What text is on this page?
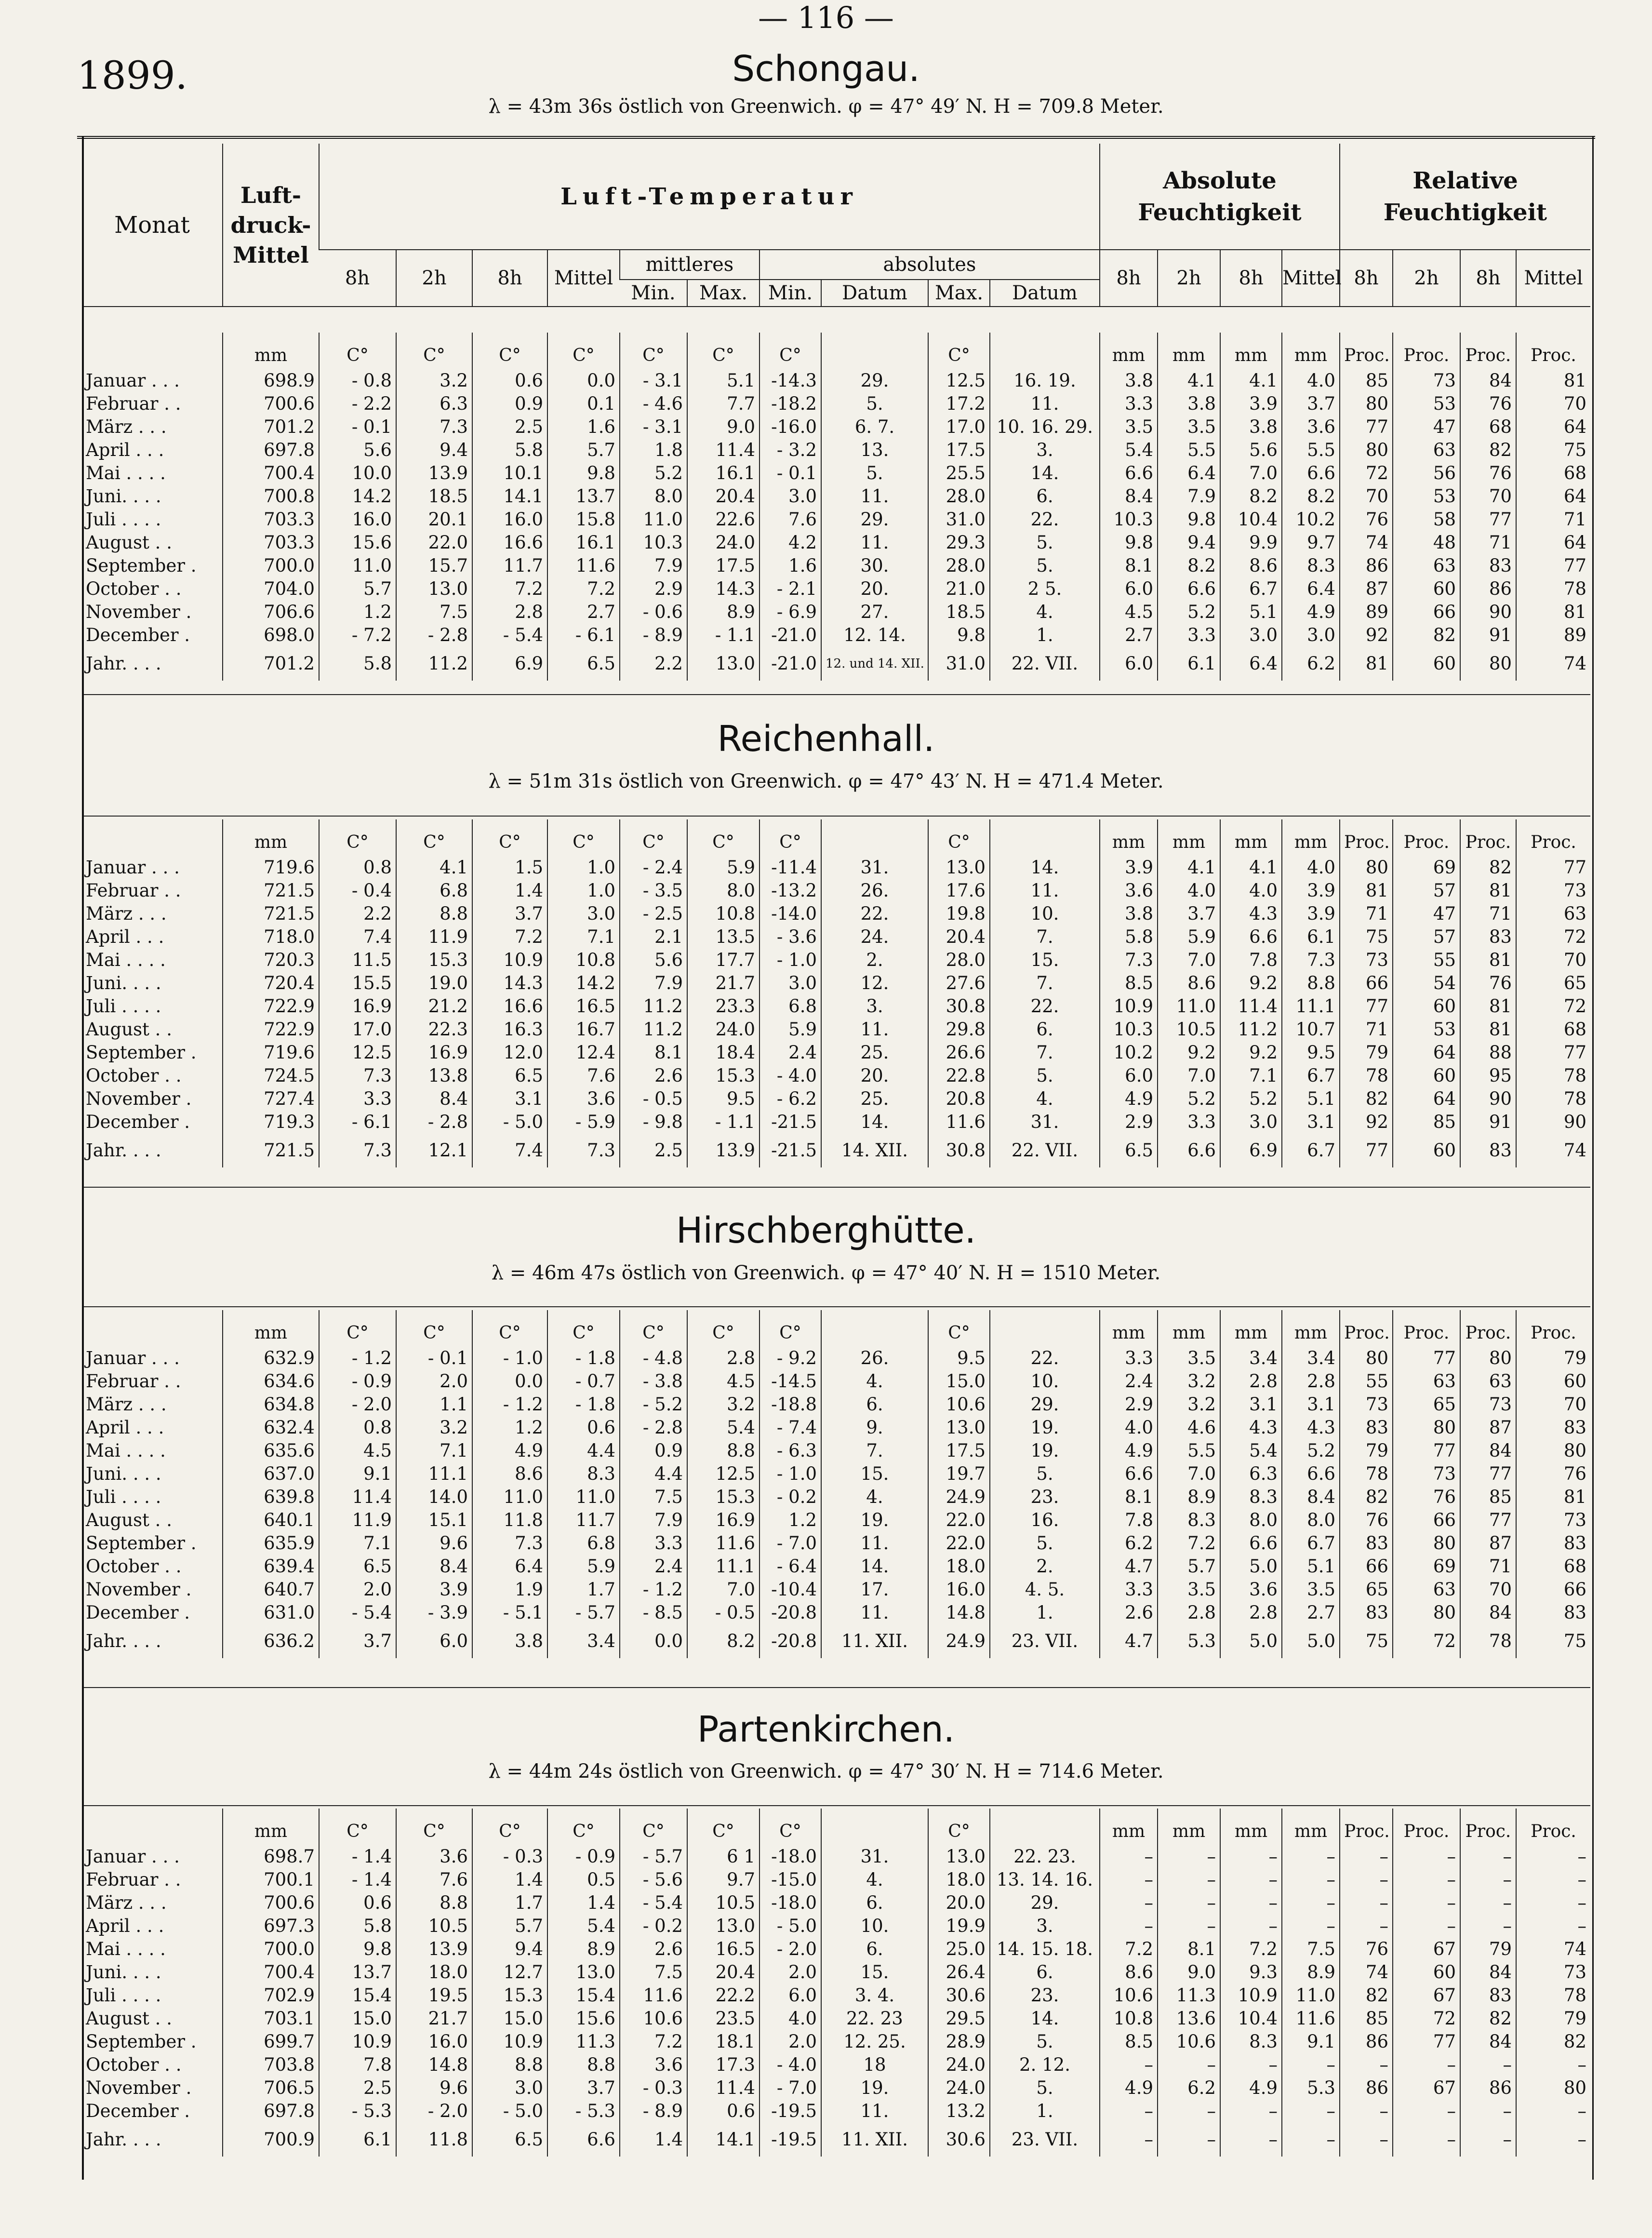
— 116 —
1899.	Schongau.
λ = 43m 36s östlich von Greenwich. φ = 47° 49′ N. H = 709.8 Meter.
Monat	Luft-
druck-
Mittel	Luft-Temperatur										Absolute
Feuchtigkeit				Relative
Feuchtigkeit			
		8h	2h	8h	Mittel	mittleres		absolutes				8h	2h	8h	Mittel	8h	2h	8h	Mittel
						Min.	Max.	Min.	Datum	Max.	Datum								
	mm	C°	C°	C°	C°	C°	C°	C°		C°		mm	mm	mm	mm	Proc.	Proc.	Proc.	Proc.
Januar . . .	698.9	- 0.8	3.2	0.6	0.0	- 3.1	5.1	-14.3	29.	12.5	16. 19.	3.8	4.1	4.1	4.0	85	73	84	81
Februar . .	700.6	- 2.2	6.3	0.9	0.1	- 4.6	7.7	-18.2	5.	17.2	11.	3.3	3.8	3.9	3.7	80	53	76	70
März . . .	701.2	- 0.1	7.3	2.5	1.6	- 3.1	9.0	-16.0	6. 7.	17.0	10. 16. 29.	3.5	3.5	3.8	3.6	77	47	68	64
April . . .	697.8	5.6	9.4	5.8	5.7	1.8	11.4	- 3.2	13.	17.5	3.	5.4	5.5	5.6	5.5	80	63	82	75
Mai . . . .	700.4	10.0	13.9	10.1	9.8	5.2	16.1	- 0.1	5.	25.5	14.	6.6	6.4	7.0	6.6	72	56	76	68
Juni. . . .	700.8	14.2	18.5	14.1	13.7	8.0	20.4	3.0	11.	28.0	6.	8.4	7.9	8.2	8.2	70	53	70	64
Juli . . . .	703.3	16.0	20.1	16.0	15.8	11.0	22.6	7.6	29.	31.0	22.	10.3	9.8	10.4	10.2	76	58	77	71
August . .	703.3	15.6	22.0	16.6	16.1	10.3	24.0	4.2	11.	29.3	5.	9.8	9.4	9.9	9.7	74	48	71	64
September .	700.0	11.0	15.7	11.7	11.6	7.9	17.5	1.6	30.	28.0	5.	8.1	8.2	8.6	8.3	86	63	83	77
October . .	704.0	5.7	13.0	7.2	7.2	2.9	14.3	- 2.1	20.	21.0	2 5.	6.0	6.6	6.7	6.4	87	60	86	78
November .	706.6	1.2	7.5	2.8	2.7	- 0.6	8.9	- 6.9	27.	18.5	4.	4.5	5.2	5.1	4.9	89	66	90	81
December .	698.0	- 7.2	- 2.8	- 5.4	- 6.1	- 8.9	- 1.1	-21.0	12. 14.	9.8	1.	2.7	3.3	3.0	3.0	92	82	91	89
Jahr. . . .	701.2	5.8	11.2	6.9	6.5	2.2	13.0	-21.0	12. und 14. XII.	31.0	22. VII.	6.0	6.1	6.4	6.2	81	60	80	74
Reichenhall.
λ = 51m 31s östlich von Greenwich. φ = 47° 43′ N. H = 471.4 Meter.
	mm	C°	C°	C°	C°	C°	C°	C°		C°		mm	mm	mm	mm	Proc.	Proc.	Proc.	Proc.
Januar . . .	719.6	0.8	4.1	1.5	1.0	- 2.4	5.9	-11.4	31.	13.0	14.	3.9	4.1	4.1	4.0	80	69	82	77
Februar . .	721.5	- 0.4	6.8	1.4	1.0	- 3.5	8.0	-13.2	26.	17.6	11.	3.6	4.0	4.0	3.9	81	57	81	73
März . . .	721.5	2.2	8.8	3.7	3.0	- 2.5	10.8	-14.0	22.	19.8	10.	3.8	3.7	4.3	3.9	71	47	71	63
April . . .	718.0	7.4	11.9	7.2	7.1	2.1	13.5	- 3.6	24.	20.4	7.	5.8	5.9	6.6	6.1	75	57	83	72
Mai . . . .	720.3	11.5	15.3	10.9	10.8	5.6	17.7	- 1.0	2.	28.0	15.	7.3	7.0	7.8	7.3	73	55	81	70
Juni. . . .	720.4	15.5	19.0	14.3	14.2	7.9	21.7	3.0	12.	27.6	7.	8.5	8.6	9.2	8.8	66	54	76	65
Juli . . . .	722.9	16.9	21.2	16.6	16.5	11.2	23.3	6.8	3.	30.8	22.	10.9	11.0	11.4	11.1	77	60	81	72
August . .	722.9	17.0	22.3	16.3	16.7	11.2	24.0	5.9	11.	29.8	6.	10.3	10.5	11.2	10.7	71	53	81	68
September .	719.6	12.5	16.9	12.0	12.4	8.1	18.4	2.4	25.	26.6	7.	10.2	9.2	9.2	9.5	79	64	88	77
October . .	724.5	7.3	13.8	6.5	7.6	2.6	15.3	- 4.0	20.	22.8	5.	6.0	7.0	7.1	6.7	78	60	95	78
November .	727.4	3.3	8.4	3.1	3.6	- 0.5	9.5	- 6.2	25.	20.8	4.	4.9	5.2	5.2	5.1	82	64	90	78
December .	719.3	- 6.1	- 2.8	- 5.0	- 5.9	- 9.8	- 1.1	-21.5	14.	11.6	31.	2.9	3.3	3.0	3.1	92	85	91	90
Jahr. . . .	721.5	7.3	12.1	7.4	7.3	2.5	13.9	-21.5	14. XII.	30.8	22. VII.	6.5	6.6	6.9	6.7	77	60	83	74
Hirschberghütte.
λ = 46m 47s östlich von Greenwich. φ = 47° 40′ N. H = 1510 Meter.
	mm	C°	C°	C°	C°	C°	C°	C°		C°		mm	mm	mm	mm	Proc.	Proc.	Proc.	Proc.
Januar . . .	632.9	- 1.2	- 0.1	- 1.0	- 1.8	- 4.8	2.8	- 9.2	26.	9.5	22.	3.3	3.5	3.4	3.4	80	77	80	79
Februar . .	634.6	- 0.9	2.0	0.0	- 0.7	- 3.8	4.5	-14.5	4.	15.0	10.	2.4	3.2	2.8	2.8	55	63	63	60
März . . .	634.8	- 2.0	1.1	- 1.2	- 1.8	- 5.2	3.2	-18.8	6.	10.6	29.	2.9	3.2	3.1	3.1	73	65	73	70
April . . .	632.4	0.8	3.2	1.2	0.6	- 2.8	5.4	- 7.4	9.	13.0	19.	4.0	4.6	4.3	4.3	83	80	87	83
Mai . . . .	635.6	4.5	7.1	4.9	4.4	0.9	8.8	- 6.3	7.	17.5	19.	4.9	5.5	5.4	5.2	79	77	84	80
Juni. . . .	637.0	9.1	11.1	8.6	8.3	4.4	12.5	- 1.0	15.	19.7	5.	6.6	7.0	6.3	6.6	78	73	77	76
Juli . . . .	639.8	11.4	14.0	11.0	11.0	7.5	15.3	- 0.2	4.	24.9	23.	8.1	8.9	8.3	8.4	82	76	85	81
August . .	640.1	11.9	15.1	11.8	11.7	7.9	16.9	1.2	19.	22.0	16.	7.8	8.3	8.0	8.0	76	66	77	73
September .	635.9	7.1	9.6	7.3	6.8	3.3	11.6	- 7.0	11.	22.0	5.	6.2	7.2	6.6	6.7	83	80	87	83
October . .	639.4	6.5	8.4	6.4	5.9	2.4	11.1	- 6.4	14.	18.0	2.	4.7	5.7	5.0	5.1	66	69	71	68
November .	640.7	2.0	3.9	1.9	1.7	- 1.2	7.0	-10.4	17.	16.0	4. 5.	3.3	3.5	3.6	3.5	65	63	70	66
December .	631.0	- 5.4	- 3.9	- 5.1	- 5.7	- 8.5	- 0.5	-20.8	11.	14.8	1.	2.6	2.8	2.8	2.7	83	80	84	83
Jahr. . . .	636.2	3.7	6.0	3.8	3.4	0.0	8.2	-20.8	11. XII.	24.9	23. VII.	4.7	5.3	5.0	5.0	75	72	78	75
Partenkirchen.
λ = 44m 24s östlich von Greenwich. φ = 47° 30′ N. H = 714.6 Meter.
	mm	C°	C°	C°	C°	C°	C°	C°		C°		mm	mm	mm	mm	Proc.	Proc.	Proc.	Proc.
Januar . . .	698.7	- 1.4	3.6	- 0.3	- 0.9	- 5.7	6 1	-18.0	31.	13.0	22. 23.	–	–	–	–	–	–	–	–
Februar . .	700.1	- 1.4	7.6	1.4	0.5	- 5.6	9.7	-15.0	4.	18.0	13. 14. 16.	–	–	–	–	–	–	–	–
März . . .	700.6	0.6	8.8	1.7	1.4	- 5.4	10.5	-18.0	6.	20.0	29.	–	–	–	–	–	–	–	–
April . . .	697.3	5.8	10.5	5.7	5.4	- 0.2	13.0	- 5.0	10.	19.9	3.	–	–	–	–	–	–	–	–
Mai . . . .	700.0	9.8	13.9	9.4	8.9	2.6	16.5	- 2.0	6.	25.0	14. 15. 18.	7.2	8.1	7.2	7.5	76	67	79	74
Juni. . . .	700.4	13.7	18.0	12.7	13.0	7.5	20.4	2.0	15.	26.4	6.	8.6	9.0	9.3	8.9	74	60	84	73
Juli . . . .	702.9	15.4	19.5	15.3	15.4	11.6	22.2	6.0	3. 4.	30.6	23.	10.6	11.3	10.9	11.0	82	67	83	78
August . .	703.1	15.0	21.7	15.0	15.6	10.6	23.5	4.0	22. 23	29.5	14.	10.8	13.6	10.4	11.6	85	72	82	79
September .	699.7	10.9	16.0	10.9	11.3	7.2	18.1	2.0	12. 25.	28.9	5.	8.5	10.6	8.3	9.1	86	77	84	82
October . .	703.8	7.8	14.8	8.8	8.8	3.6	17.3	- 4.0	18	24.0	2. 12.	–	–	–	–	–	–	–	–
November .	706.5	2.5	9.6	3.0	3.7	- 0.3	11.4	- 7.0	19.	24.0	5.	4.9	6.2	4.9	5.3	86	67	86	80
December .	697.8	- 5.3	- 2.0	- 5.0	- 5.3	- 8.9	0.6	-19.5	11.	13.2	1.	–	–	–	–	–	–	–	–
Jahr. . . .	700.9	6.1	11.8	6.5	6.6	1.4	14.1	-19.5	11. XII.	30.6	23. VII.	–	–	–	–	–	–	–	–
